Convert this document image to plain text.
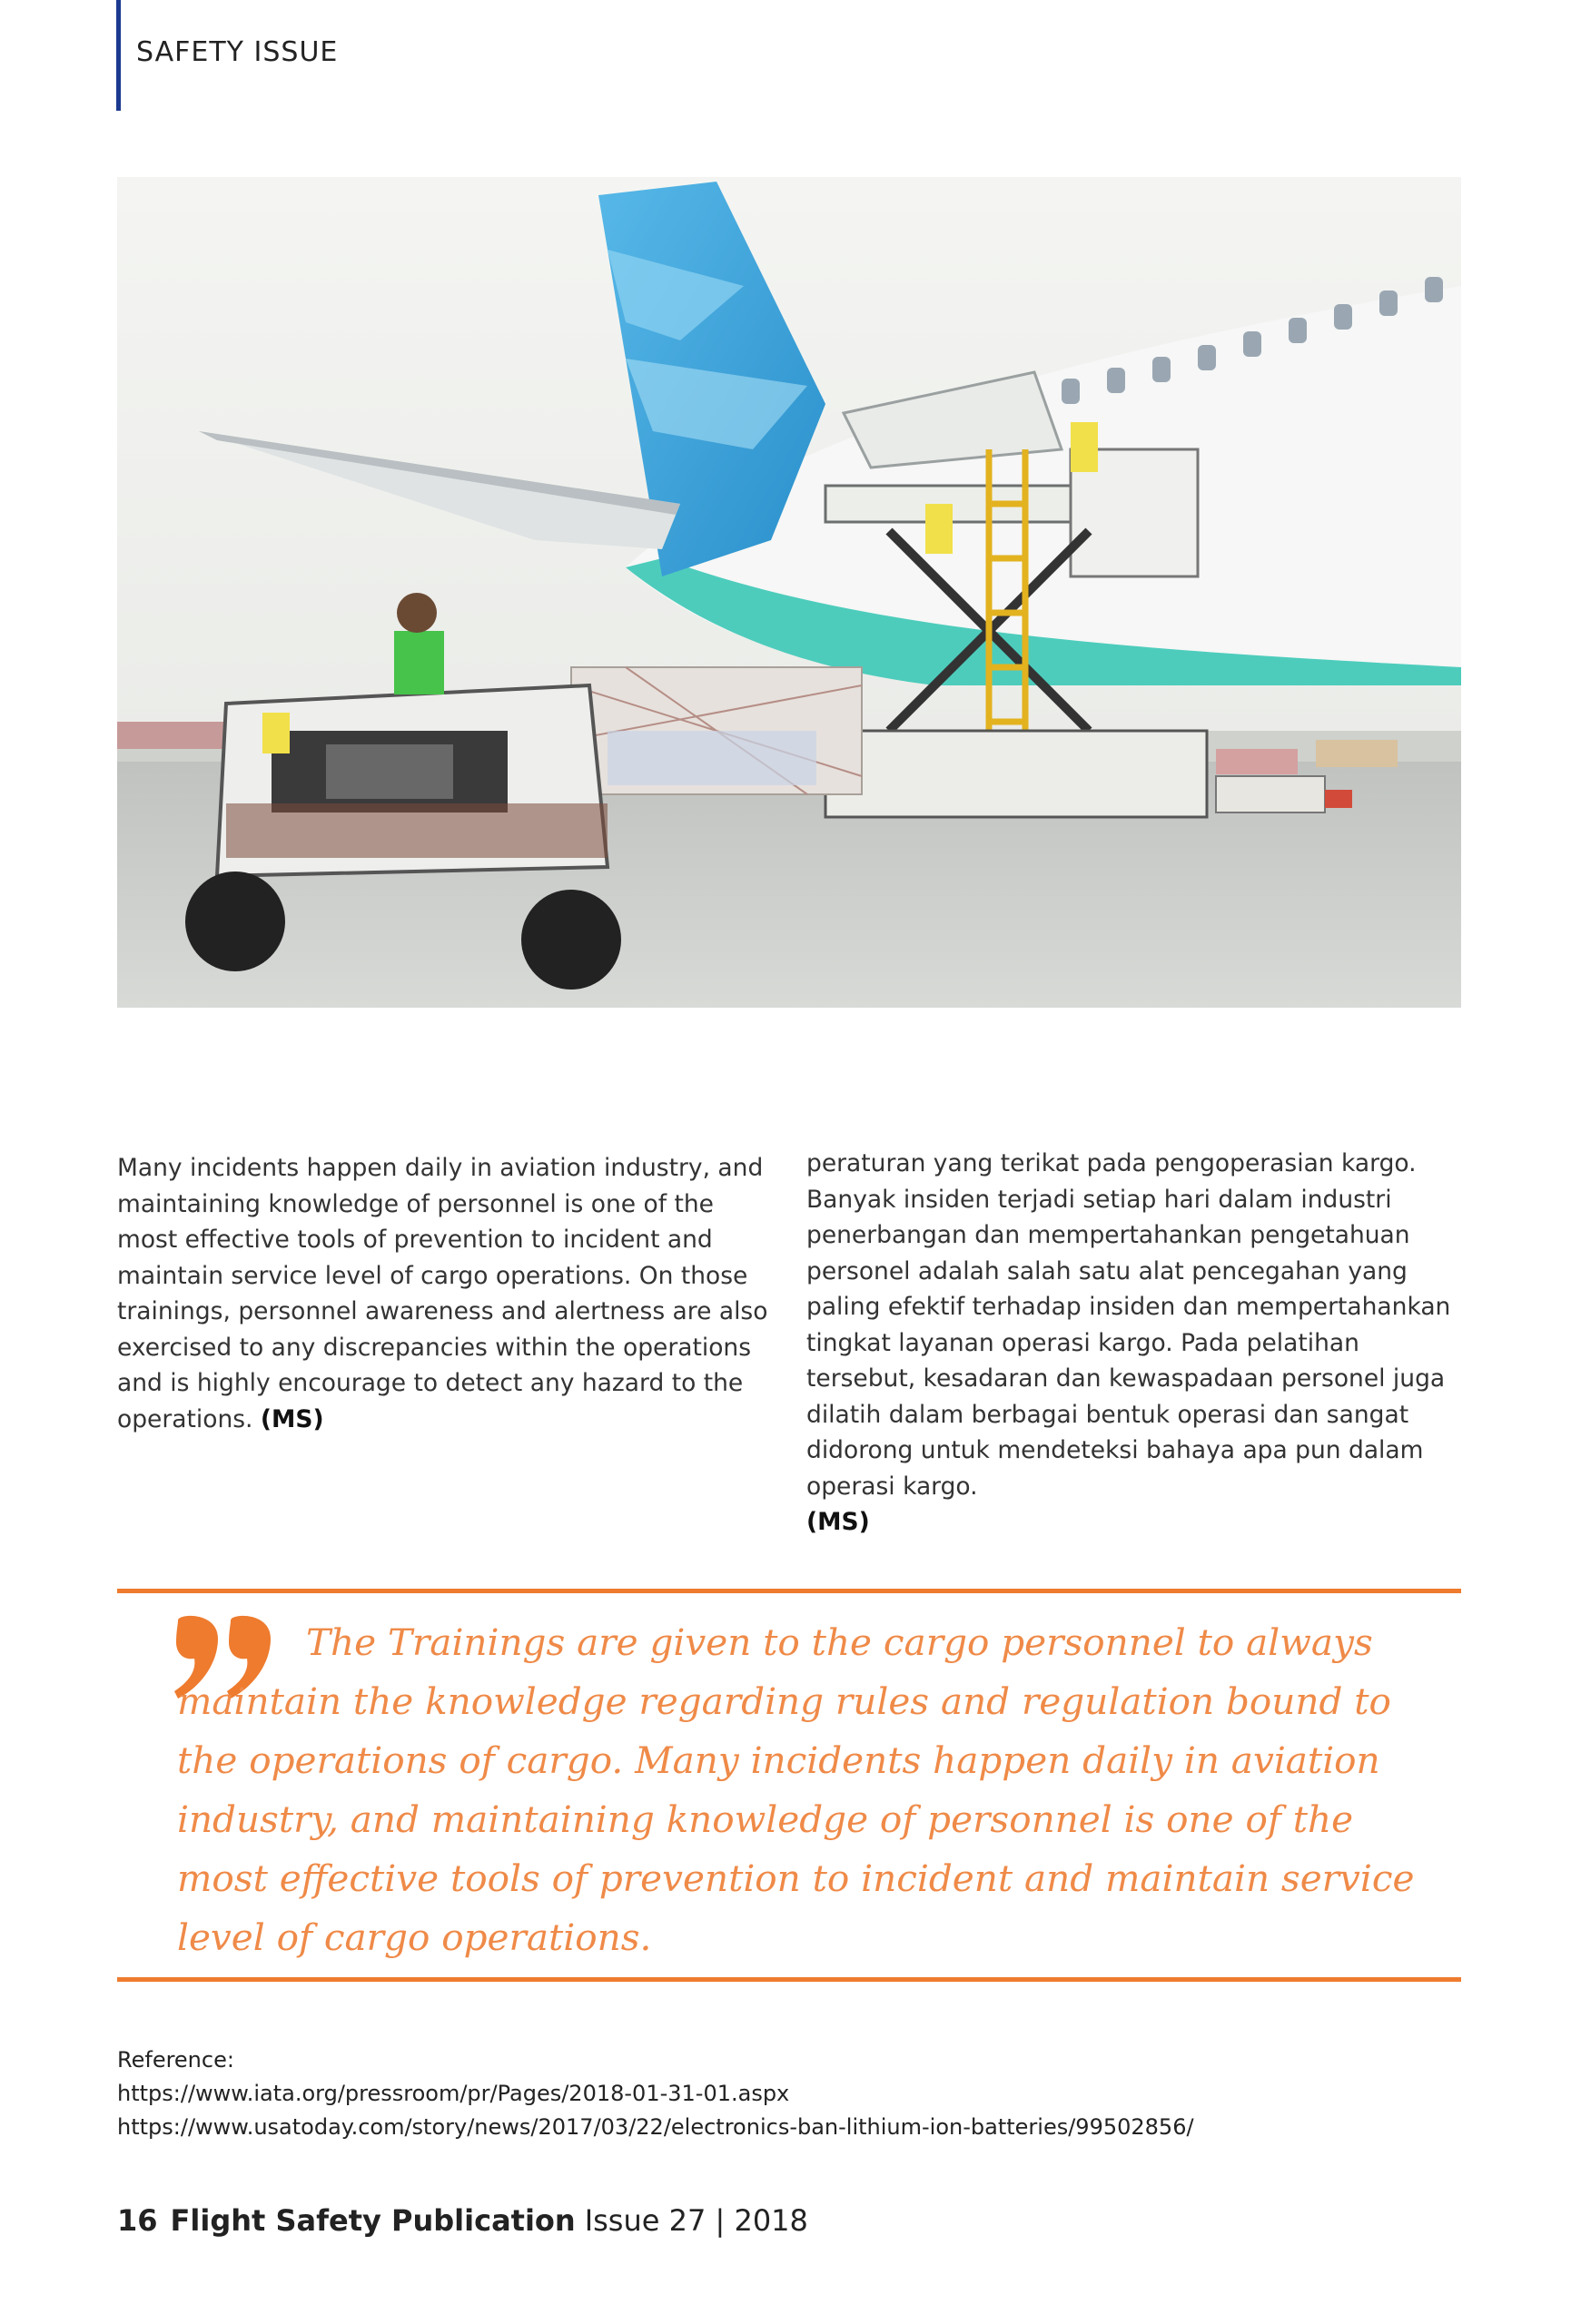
SAFETY ISSUE

Many incidents happen daily in aviation industry, and maintaining knowledge of personnel is one of the most effective tools of prevention to incident and maintain service level of cargo operations. On those trainings, personnel awareness and alertness are also exercised to any discrepancies within the operations and is highly encourage to detect any hazard to the operations. (MS)

peraturan yang terikat pada pengoperasian kargo. Banyak insiden terjadi setiap hari dalam industri penerbangan dan mempertahankan pengetahuan personel adalah salah satu alat pencegahan yang paling efektif terhadap insiden dan mempertahankan tingkat layanan operasi kargo. Pada pelatihan tersebut, kesadaran dan kewaspadaan personel juga dilatih dalam berbagai bentuk operasi dan sangat didorong untuk mendeteksi bahaya apa pun dalam operasi kargo.
(MS)

The Trainings are given to the cargo personnel to always maintain the knowledge regarding rules and regulation bound to the operations of cargo. Many incidents happen daily in aviation industry, and maintaining knowledge of personnel is one of the most effective tools of prevention to incident and maintain service level of cargo operations.
Reference:
https://www.iata.org/pressroom/pr/Pages/2018-01-31-01.aspx
https://www.usatoday.com/story/news/2017/03/22/electronics-ban-lithium-ion-batteries/99502856/
16 Flight Safety Publication Issue 27 | 2018
